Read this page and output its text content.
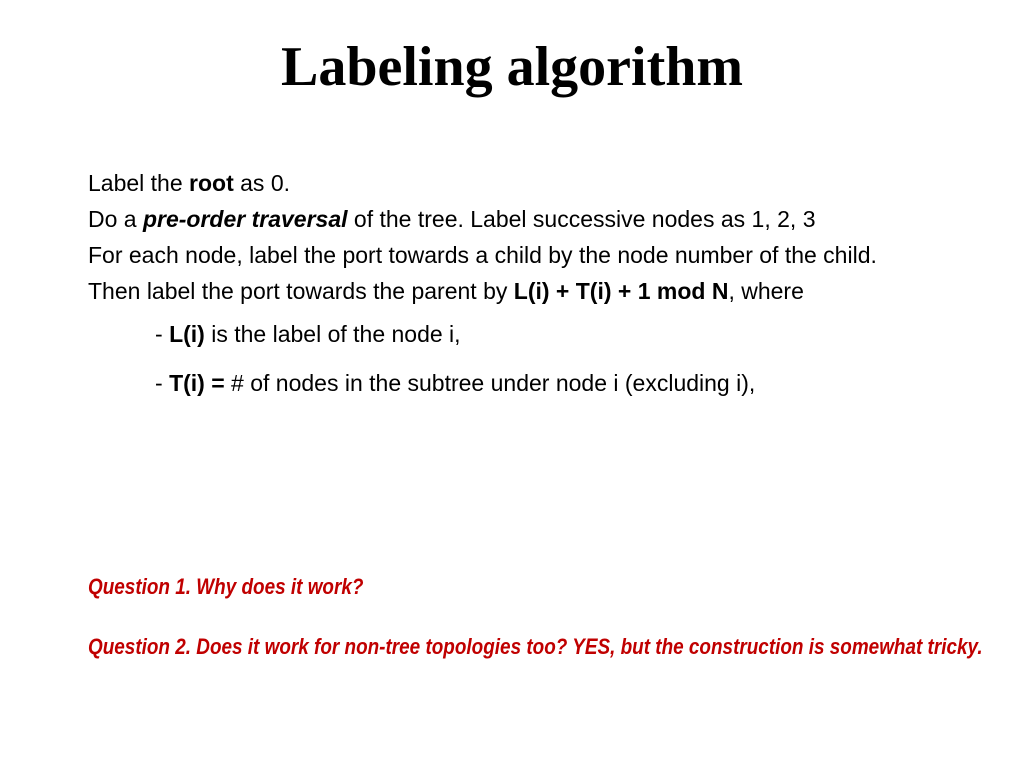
Labeling algorithm

Label the root as 0.

Do a pre-order traversal of the tree. Label successive nodes as 1, 2, 3

For each node, label the port towards a child by the node number of the child.

Then label the port towards the parent by L(i) + T(i) + 1 mod N, where

- L(i) is the label of the node i,

- T(i) = # of nodes in the subtree under node i (excluding i),

Question 1. Why does it work?

Question 2. Does it work for non-tree topologies too? YES, but the construction is somewhat tricky.
